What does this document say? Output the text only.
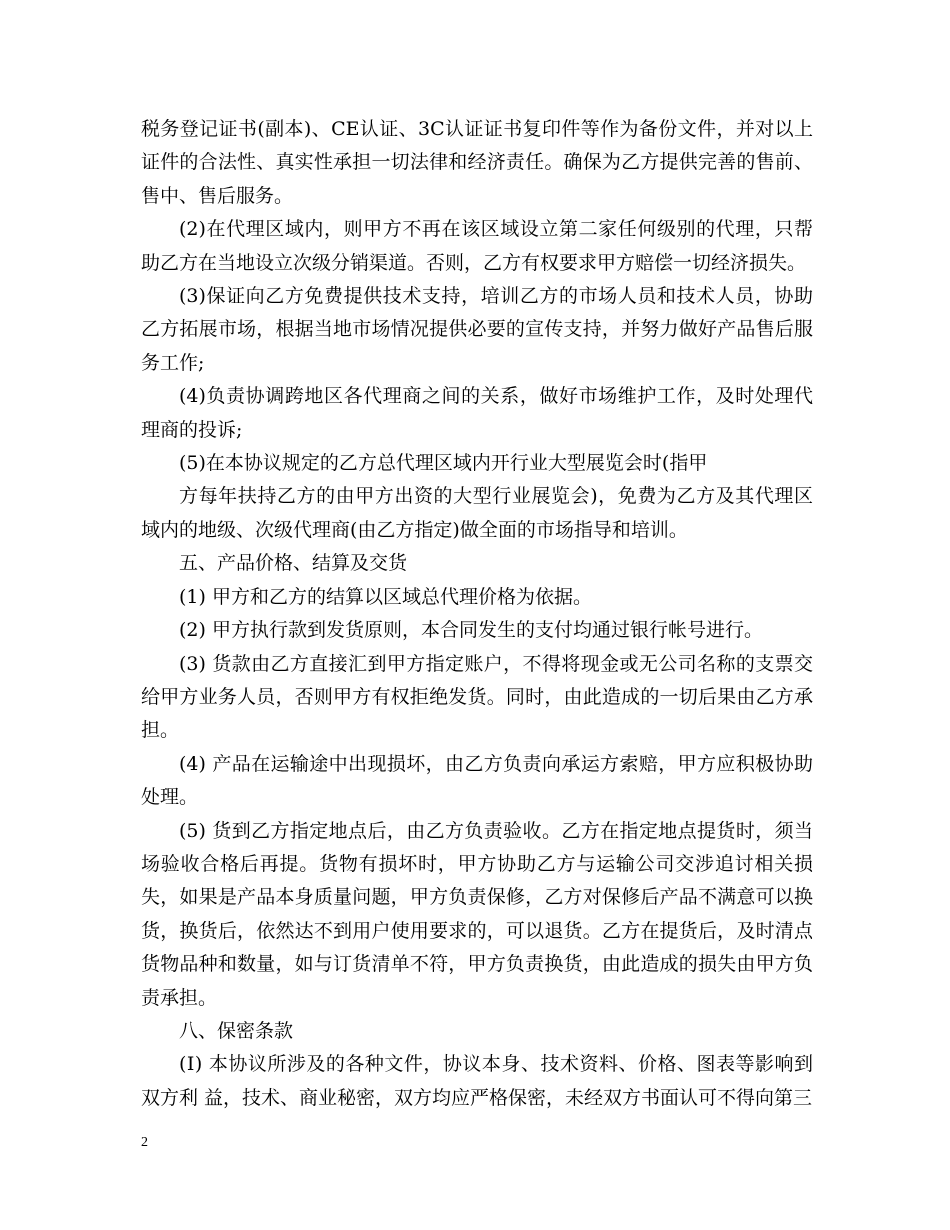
税务登记证书(副本)、CE认证、3C认证证书复印件等作为备份文件，并对以上证件的合法性、真实性承担一切法律和经济责任。确保为乙方提供完善的售前、售中、售后服务。

(2)在代理区域内，则甲方不再在该区域设立第二家任何级别的代理，只帮助乙方在当地设立次级分销渠道。否则，乙方有权要求甲方赔偿一切经济损失。

(3)保证向乙方免费提供技术支持，培训乙方的市场人员和技术人员，协助乙方拓展市场，根据当地市场情况提供必要的宣传支持，并努力做好产品售后服务工作;

(4)负责协调跨地区各代理商之间的关系，做好市场维护工作，及时处理代理商的投诉;

(5)在本协议规定的乙方总代理区域内开行业大型展览会时(指甲

方每年扶持乙方的由甲方出资的大型行业展览会)，免费为乙方及其代理区域内的地级、次级代理商(由乙方指定)做全面的市场指导和培训。

五、产品价格、结算及交货

(1) 甲方和乙方的结算以区域总代理价格为依据。

(2) 甲方执行款到发货原则，本合同发生的支付均通过银行帐号进行。

(3) 货款由乙方直接汇到甲方指定账户，不得将现金或无公司名称的支票交给甲方业务人员，否则甲方有权拒绝发货。同时，由此造成的一切后果由乙方承担。

(4) 产品在运输途中出现损坏，由乙方负责向承运方索赔，甲方应积极协助处理。

(5) 货到乙方指定地点后，由乙方负责验收。乙方在指定地点提货时，须当场验收合格后再提。货物有损坏时，甲方协助乙方与运输公司交涉追讨相关损失，如果是产品本身质量问题，甲方负责保修，乙方对保修后产品不满意可以换货，换货后，依然达不到用户使用要求的，可以退货。乙方在提货后，及时清点货物品种和数量，如与订货清单不符，甲方负责换货，由此造成的损失由甲方负责承担。

八、保密条款

(Ⅰ) 本协议所涉及的各种文件，协议本身、技术资料、价格、图表等影响到双方利 益，技术、商业秘密，双方均应严格保密，未经双方书面认可不得向第三

2
